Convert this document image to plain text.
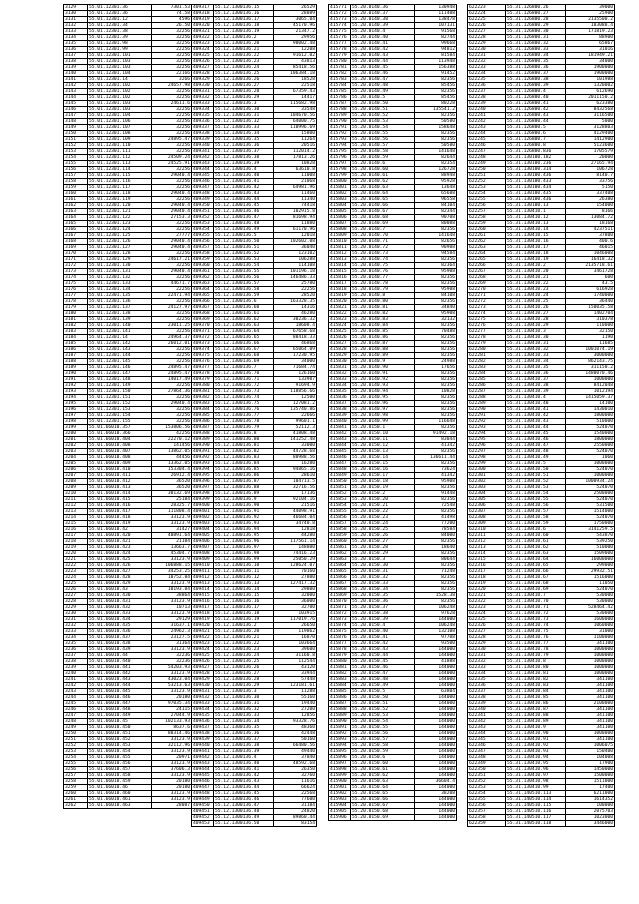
3129	55.01.12301.36	7301.53
3130	55.01.12301.36	74.58
3131	55.01.12301.12	4596
3132	55.01.12301.34	26.50
3133	55.01.12301.38	32256
3134	55.01.12301.39	32256
3135	55.01.12301.98	32256
3136	55.01.12301.99	22256
3137	55.01.12301.101	32256
3138	55.01.12301.103	32256
3139	55.01.12301.103	32256
3140	55.01.12301.104	22166
3141	55.01.12301.14	3266
3142	55.01.12301.102	24657.98
3143	55.01.12301.102	32256
3144	55.01.12301.102	32256
3145	55.01.12301.103	24611.6
3146	55.01.12301.103	32256
3147	55.01.12301.104	22256
3148	55.01.12301.106	32256
3149	55.01.12301.107	32256
3150	55.01.12301.108	32256
3151	55.01.12301.109	24895.47
3152	55.01.12301.110	32256
3153	55.01.12301.111	32256
3154	55.01.12301.112	24509.24
3155	55.01.12301.113	24525.91
3156	55.01.12301.114	32256
3157	55.01.12301.115	29040.4
3158	55.01.12301.116	32256
3159	55.01.12301.117	32256
3160	55.01.12301.118	29040.4
3161	55.01.12301.119	32256
3162	55.01.12301.120	29040.4
3163	55.01.12301.121	29040.4
3164	55.01.12301.122	27153.3
3165	55.01.12301.123	32256
3166	55.01.12301.124	32256
3167	55.01.12301.125	27777
3168	55.01.12301.126	29040.4
3169	55.01.12301.127	29040.4
3170	55.01.12301.128	32256
3171	55.01.12301.129	24617.21
3172	55.01.12301.130	32256
3173	55.01.12301.131	29040.4
3174	55.01.12301.132	32256
3175	55.01.12301.133	44671.7
3176	55.01.12301.134	22256
3177	55.01.12301.135	22471.94
3178	55.01.12301.136	32256
3179	55.01.12301.137	24127.97
3180	55.01.12301.138	32256
3181	55.01.12301.139	32256
3182	55.01.12301.140	23011.25
3183	55.01.12301.141	32256
3184	55.01.12301.14	24964.37
3185	55.01.12301.142	26012.01
3186	55.01.12301.143	32256
3187	55.01.12301.144	32256
3188	55.01.12301.145	32256
3189	55.01.12301.146	24895.47
3190	55.01.12301.147	24895.47
3191	55.01.12301.148	14017.49
3192	55.01.12301.149	32256
3193	55.01.12301.150	27864.36
3194	55.01.12301.151	32256
3195	55.01.12301.152	29040.4
3196	55.01.12301.153	32256
3197	55.01.12301.154	32256
3198	55.01.12301.155	32256
3199	55.01.66010.357	153806.56
3200	55.01.66010.366	42256
3201	55.01.66010.404	22270.12
3202	55.01.66010.408	141456
3203	55.01.66010.407	13862.05
3204	55.01.66010.408	44456
3205	55.01.66010.409	13362.05
3206	55.01.66010.410	153304.4
3207	55.01.66010.411	26912.4
3208	55.01.66010.412	36520
3209	55.01.66010.413	36520
3210	55.01.66010.414	30132.69
3211	55.01.66010.415	25184
3212	55.01.66010.416	28325.7
3213	55.01.66010.417	111808.4
3214	55.01.66010.418	33123.9
3215	55.01.66010.419	33123.9
3216	55.01.66010.42	31427
3217	55.01.66010.420	40891.64
3218	55.01.66010.421	21184
3219	55.01.66010.423	13663.7
3220	55.01.66010.424	45304.7
3221	55.01.66010.425	33123.9
3222	55.01.66010.426	106888.15
3223	55.01.66010.427	34253.25
3224	55.01.66010.428	10752.84
3225	55.01.66010.429	33123.9
3226	55.01.66010.43	10193.84
3227	55.01.66010.430	38864
3228	55.01.66010.431	33123.9
3229	55.01.66010.432	10713
3230	55.01.66010.433	33123.9
3231	55.01.66010.434	29129
3232	55.01.66010.435	31637.1
3233	55.01.66010.436	24962.3
3234	55.01.66010.437	23127.5
3235	55.01.66010.438	31364
3236	55.01.66010.439	33123.9
3237	55.01.66010.44	32236
3238	55.01.66010.440	32236
3239	55.01.66010.441	54203.93
3240	55.01.66010.442	33123.9
3241	55.01.66010.443	43023.04
3242	55.01.66010.444	53213.63
3243	55.01.66010.445	33123.9
3244	55.01.66010.446	20180
3245	55.01.66010.447	97035.34
3246	55.01.66010.448	24115
3247	55.01.66010.449	27044.9
3248	55.01.66010.45	102133.93
3249	55.01.66010.450	8637.6
3250	55.01.66010.451	80314.46
3251	55.01.66010.452	33123.9
3252	55.01.66010.453	32112.96
3253	55.01.66010.454	33123.9
3254	55.01.66010.455	20971
3255	55.01.66010.456	33123.9
3256	55.01.66010.457	37606.3
3257	55.01.66010.458	33123.9
3258	55.01.66010.459	20180
3259	55.01.66010.46	20180
3260	55.01.66010.460	33123.9
3261	55.01.66010.461	33123.9
3262	55.01.66010.463	28087
409317	55.12.1300136.15	26529
409318	55.12.1300136.16	28089
409319	55.12.1300136.17	3065.04
409320	55.12.1300136.18	45170.96
409321	55.12.1300136.19	21347.2
409322	55.12.1300136.2	29956
409323	55.12.1300136.20	90002.48
409324	55.12.1300136.21	12208
409325	55.12.1300136.22	91612.02
409326	55.12.1300136.23	43813
409327	55.12.1300136.24	85418.56
409328	55.12.1300136.25	106384.18
409329	55.12.1300136.26	18528
409330	55.12.1300136.27	22518
409331	55.12.1300136.28	67359.43
409332	55.12.1300136.29	14417
409333	55.12.1300136.3	115682.98
409334	55.12.1300136.30	33548
409335	55.12.1300136.31	104670.56
409336	55.12.1300136.32	64000.75
409337	55.12.1300136.33	110996.69
409338	55.12.1300136.34	15800
409339	55.12.1300136.35	11264
409340	55.12.1300136.36	20516
409341	55.12.1300136.37	112014.2
409342	55.12.1300136.38	17813.26
409343	55.12.1300136.39	10828
409344	55.12.1300136.4	63610.8
409345	55.12.1300136.40	11008
409346	55.12.1300136.41	21068
409347	55.12.1300136.42	64981.96
409348	55.12.1300136.43	11460
409349	55.12.1300136.44	11340
409350	55.12.1300136.45	74418
409351	55.12.1300136.46	102915.8
409352	55.12.1300136.47	81698.94
409353	55.12.1300136.48	11880
409354	55.12.1300136.49	61170.96
409355	55.12.1300136.5	12018
409356	55.12.1300136.50	102602.08
409357	55.12.1300136.51	36040
409358	55.12.1300136.52	123102
409359	55.12.1300136.53	106288
409360	55.12.1300136.54	114108
409361	55.12.1300136.55	101196.18
409362	55.12.1300136.56	146486.33
409363	55.12.1300136.57	25780
409364	55.12.1300136.58	22256
409365	55.12.1300136.59	28520
409366	55.12.1300136.6	163328.35
409367	55.12.1300136.60	14316
409368	55.12.1300136.61	46280
409369	55.12.1300136.62	30236.32
409370	55.12.1300136.63	18608.4
409371	55.12.1300136.64	67658.68
409372	55.12.1300136.65	88418.33
409373	55.12.1300136.66	46868
409374	55.12.1300136.67	65064.09
409375	55.12.1300136.68	17230.95
409376	55.12.1300136.69	34000
409377	55.12.1300136.7	71684.74
409378	55.12.1300136.70	126160
409379	55.12.1300136.71	133987
409380	55.12.1300136.72	91694.9
409381	55.12.1300136.73	118856.66
409382	55.12.1300136.74	12500
409383	55.12.1300136.75	127081.2
409384	55.12.1300136.76	135740.86
409385	55.12.1300136.77	22666
409386	55.12.1300136.78	99601.1
409387	55.12.1300136.79	52112.3
409388	55.12.1300136.8	41808.48
409389	55.12.1300136.80	141252.48
409390	55.12.1300136.81	33000
409391	55.12.1300136.82	44728.68
409392	55.12.1300136.83	80988.56
409393	55.12.1300136.84	16280
409394	55.12.1300136.85	94865.16
409395	55.12.1300136.86	28610
409396	55.12.1300136.87	104713.5
409397	55.12.1300136.88	32716.56
409398	55.12.1300136.89	17136
409399	55.12.1300136.9	92104.16
409400	55.12.1300136.90	21516
409401	55.12.1300136.91	44098.91
409402	55.12.1300136.92	46684.04
409403	55.12.1300136.93	34740.8
409404	55.12.1300136.94	12818
409405	55.12.1300136.95	44280
409406	55.12.1300136.96	117561.14
409407	55.12.1300136.97	148800
409408	55.12.1300136.98	74416.23
409409	55.12.1300136.99	25050.29
409410	55.12.1300136.10	128624.07
409411	55.12.1300136.11	70160
409412	55.12.1300136.12	27800
409413	55.12.1300136.13	127417.32
409414	55.12.1300136.14	29800
409415	55.12.1300136.15	32000
409416	55.12.1300136.16	36000
409417	55.12.1300136.17	32700
409418	55.12.1300136.18	103915
409419	55.12.1300136.19	117019.76
409420	55.12.1300136.2	26650
409421	55.12.1300136.20	119862
409422	55.12.1300136.21	16870
409423	55.12.1300136.22	103664
409424	55.12.1300136.23	39600
409425	55.12.1300136.24	31160.8
409426	55.12.1300136.25	112544
409427	55.12.1300136.26	43120
409428	55.12.1300136.27	33944
409429	55.12.1300136.28	57448
409430	55.12.1300136.29	123181.61
409431	55.12.1300136.3	11288
409432	55.12.1300136.30	55160
409433	55.12.1300136.31	19440
409434	55.12.1300136.32	27200
409435	55.12.1300136.33	12856
409436	55.12.1300136.34	93328.76
409437	55.12.1300136.35	48360
409438	55.12.1300136.36	42448
409439	55.12.1300136.37	50160
409440	55.12.1300136.38	66480.56
409441	55.12.1300136.39	49440
409442	55.12.1300136.4	37840
409443	55.12.1300136.40	48592.68
409444	55.12.1300136.41	26350
409445	55.12.1300136.42	32760
409446	55.12.1300136.43	11616
409447	55.12.1300136.44	66624
409448	55.12.1300136.45	22568
409449	55.12.1300136.46	77600
409450	55.12.1300136.47	31184
409451	55.12.1300136.48	24820
409452	55.12.1300136.49	89860.44
409453	55.12.1300136.50	83154
415771	55.20.0140.36	130948
415772	55.20.0140.37	111408
415773	55.20.0140.38	138478
415774	55.20.0140.39	107131
415775	55.20.0140.4	91568
415776	55.20.0140.40	82744
415777	55.20.0140.41	99668
415778	55.20.0140.42	94812
415779	55.20.0140.43	81584
415780	55.20.0140.44	113948
415781	55.20.0140.45	156388
415782	55.20.0140.46	91452
415783	55.20.0140.47	82356
415784	55.20.0140.48	85456
415785	55.20.0140.49	82356
415786	55.20.0140.5	85456
415787	55.20.0140.50	80228
415788	55.20.0140.51	135541.2
415789	55.20.0140.52	82356
415790	55.20.0140.53	50580
415791	55.20.0140.54	158648
415792	55.20.0140.55	82356
415793	55.20.0140.56	82356
415794	55.20.0140.57	50580
415795	55.20.0140.58	141648
415796	55.20.0140.59	82644
415797	55.20.0140.6	82354
415798	55.20.0140.60	126728
415799	55.20.0140.61	88948
415800	55.20.0140.62	95928
415801	55.20.0140.63	13648
415802	55.20.0140.64	65688
415803	55.20.0140.65	96558
415804	55.20.0140.66	84104
415805	55.20.0140.67	82344
415806	55.20.0140.68	90708
415807	55.20.0140.69	80088
415808	55.20.0140.7	82356
415809	55.20.0140.70	141648
415810	55.20.0140.71	82656
415811	55.20.0140.72	90908
415812	55.20.0140.73	94584
415813	55.20.0140.74	82356
415814	55.20.0140.75	82364
415815	55.20.0140.76	95908
415816	55.20.0140.77	82356
415817	55.20.0140.78	82356
415818	55.20.0140.79	95908
415819	55.20.0140.8	84108
415820	55.20.0140.80	82356
415821	55.20.0140.81	34840
415822	55.20.0140.82	95908
415823	55.20.0140.83	32132
415824	55.20.0140.84	82356
415825	55.20.0140.85	70488
415826	55.20.0140.86	82356
415827	55.20.0140.87	82356
415828	55.20.0140.88	82356
415829	55.20.0140.89	82356
415830	55.20.0140.9	24988
415831	55.20.0140.90	17656
415832	55.20.0140.91	82356
415833	55.20.0140.92	82356
415834	55.20.0140.93	82356
415835	55.20.0140.94	10828
415836	55.20.0140.95	82356
415837	55.20.0140.96	82356
415838	55.20.0140.97	82356
415839	55.20.0140.98	82356
415840	55.20.0140.99	116648
415841	55.20.0150.1	82356
415842	55.20.0150.10	91492.18
415843	55.20.0150.11	83044
415844	55.20.0150.12	41342
415845	55.20.0150.13	82356
415846	55.20.0150.14	136611.44
415847	55.20.0150.15	82356
415848	55.20.0150.16	73624
415849	55.20.0150.17	41342
415850	55.20.0150.18	95908
415851	55.20.0150.19	82356
415852	55.20.0150.2	91448
415853	55.20.0150.20	82356
415854	55.20.0150.21	72548
415855	55.20.0150.22	82356
415856	55.20.0150.23	41498
415857	55.20.0150.24	77200
415858	55.20.0150.25	78584
415859	55.20.0150.26	84000
415860	55.20.0150.27	82356
415861	55.20.0150.28	18640
415862	55.20.0150.29	82356
415863	55.20.0150.3	80644
415864	55.20.0150.30	82356
415865	55.20.0150.31	71248
415866	55.20.0150.32	82356
415867	55.20.0150.33	82356
415868	55.20.0150.34	82356
415869	55.20.0150.35	1528.38
415870	55.20.0150.36	82356
415871	55.20.0150.37	106248
415872	55.20.0150.38	97628
415873	55.20.0150.39	144000
415874	55.20.0150.4	106248
415875	55.20.0150.40	132108
415876	55.20.0150.41	97708
415877	55.20.0150.42	93500
415878	55.20.0150.43	144000
415879	55.20.0150.44	144000
415880	55.20.0150.45	41888
415881	55.20.0150.46	144000
415882	55.20.0150.47	144000
415883	55.20.0150.48	144000
415884	55.20.0150.49	144000
415885	55.20.0150.5	63804
415886	55.20.0150.50	144000
415887	55.20.0150.51	144000
415888	55.20.0150.52	144000
415889	55.20.0150.53	144000
415890	55.20.0150.54	144000
415891	55.20.0150.55	144000
415892	55.20.0150.56	144000
415893	55.20.0150.57	144000
415894	55.20.0150.58	144000
415895	55.20.0150.59	144000
415896	55.20.0150.6	144000
415897	55.20.0150.60	144000
415898	55.20.0150.61	144000
415899	55.20.0150.62	144000
415900	55.20.0150.63	36604.4
415901	55.20.0150.64	144000
415902	55.20.0150.65	38208
415903	55.20.0150.66	144000
415904	55.20.0150.67	144000
415905	55.20.0150.68	144000
415906	55.20.0150.69	144000
622223	55.31.126800.26	39000
622224	55.31.126800.27	25900
622225	55.31.126800.28	2135500.2
622226	55.31.126800.29	103088.4
622227	55.31.126800.30	171819.23
622228	55.31.126800.31	88900
622229	55.31.126800.32	65867
622230	55.31.126800.33	31016
622231	55.31.126800.34	181949.21
622232	55.31.126800.35	34000
622233	55.31.126800.36	1900000
622234	55.31.126800.37	1900000
622235	55.31.126800.38	101988
622236	55.31.126800.39	1320002
622237	55.31.126800.4	612690
622238	55.31.126800.40	2011150.2
622239	55.31.126800.41	623380
622240	55.31.126800.42	8432568
622241	55.31.126800.43	3116500
622242	55.31.126800.44	5000
622243	55.31.126800.5	3128803
622244	55.31.126800.6	4129400
622245	55.31.126800.7	1412900
622246	55.31.126800.8	5123600
622247	55.31.126800.836	1705579
622248	55.31.130100.182	20000
622249	55.31.130100.236	27165.94
622250	55.31.130100.314	106728
622251	55.31.130100.436	8140.7
622252	55.31.130100.433	33756
622253	55.31.130100.434	5150
622254	55.31.130100.435	337408
622255	55.31.130100.436	26380
622256	55.31.130100.13	154000
622257	55.31.130410.1	8166
622258	55.31.130410.12	13084.72
622259	55.31.130410.13	18168
622260	55.31.130410.14	4237511
622261	55.31.130410.15	37800
622262	55.31.130410.16	400.6
622263	55.31.130410.17	46015
622264	55.31.130410.18	1046008
622265	55.31.130410.19	16418.32
622266	55.31.130410.2	2135718.61
622267	55.31.130410.20	3461728
622268	55.31.130410.21	600
622269	55.31.130410.22	43.5
622270	55.31.130410.23	616928
622271	55.31.130410.24	1740000
622272	55.31.130410.25	36440
622273	55.31.130410.26	150035.58
622274	55.31.130410.27	1402704
622275	55.31.130410.28	310378
622276	55.31.130410.29	110000
622277	55.31.130410.3	32150
622278	55.31.130410.30	1190
622279	55.31.130410.31	11685
622280	55.31.130410.32	1001074.19
622281	55.31.130410.33	3000000
622282	55.31.130410.34	862143.75
622283	55.31.130410.35	311150.2
622284	55.31.130410.36	1480070.46
622285	55.31.130410.37	1000000
622286	55.31.130410.38	8412048
622287	55.31.130410.39	1012194
622288	55.31.130410.4	1415059.37
622289	55.31.130410.40	14100
622290	55.31.130410.41	1430010
622291	55.31.130410.42	1800000
622292	55.31.130410.43	510000
622293	55.31.130410.44	524070
622294	55.31.130410.45	1540000
622295	55.31.130410.46	1800000
622296	55.31.130410.47	2550000
622297	55.31.130410.48	524070
622298	55.31.130410.49	1060
622299	55.31.130410.5	1000000
622300	55.31.130410.50	524070
622301	55.31.130410.51	1000000
622302	55.31.130410.52	1000934.24
622303	55.31.130410.53	524070
622304	55.31.130410.54	2500000
622305	55.31.130410.55	524070
622306	55.31.130410.56	531500
622307	55.31.130410.57	1514000
622308	55.31.130410.58	524070
622309	55.31.130410.59	1750000
622310	55.31.130410.6	3141259.5
622311	55.31.130410.60	543870
622312	55.31.130410.61	539250
622313	55.31.130410.62	510000
622314	55.31.130410.63	1509000
622315	55.31.130410.64	16000000
622316	55.31.130410.65	299000
622317	55.31.130410.66	29932.51
622318	55.31.130410.67	1516000
622319	55.31.130410.68	11050
622320	55.31.130410.69	524070
622321	55.31.130410.7	530000
622322	55.31.130410.70	530000
622323	55.31.130410.71	528464.42
622324	55.31.130410.72	530000
622325	55.31.130410.73	1600000
622326	55.31.130410.74	1060000
622327	55.31.130410.75	31000
622328	55.31.130410.76	1100000
622329	55.31.130410.77	341100
622330	55.31.130410.78	1000000
622331	55.31.130410.79	1000000
622332	55.31.130410.8	1000000
622333	55.31.130410.80	1000000
622334	55.31.130410.81	1000000
622335	55.31.130410.82	341100
622336	55.31.130410.83	341100
622337	55.31.130410.84	341100
622338	55.31.130410.85	341100
622339	55.31.130410.86	2100000
622340	55.31.130410.87	341100
622341	55.31.130410.88	341100
622342	55.31.130410.89	341100
622343	55.31.130410.9	341100
622344	55.31.130410.90	1000000
622345	55.31.130410.91	341100
622346	55.31.130410.92	1006075
622347	55.31.130410.93	150400
622348	55.31.130410.94	104008
622349	55.31.130410.95	17900
622350	55.31.130410.96	1450000
622351	55.31.130410.97	1500000
622352	55.31.130410.98	1511000
622353	55.31.130410.99	17400
622354	55.31.140510.113	6211000
622355	55.31.140510.114	1614352
622356	55.31.140510.115	100000
622357	55.31.140510.116	2075703
622358	55.31.140510.117	1023000
622359	55.31.140510.118	3446000
